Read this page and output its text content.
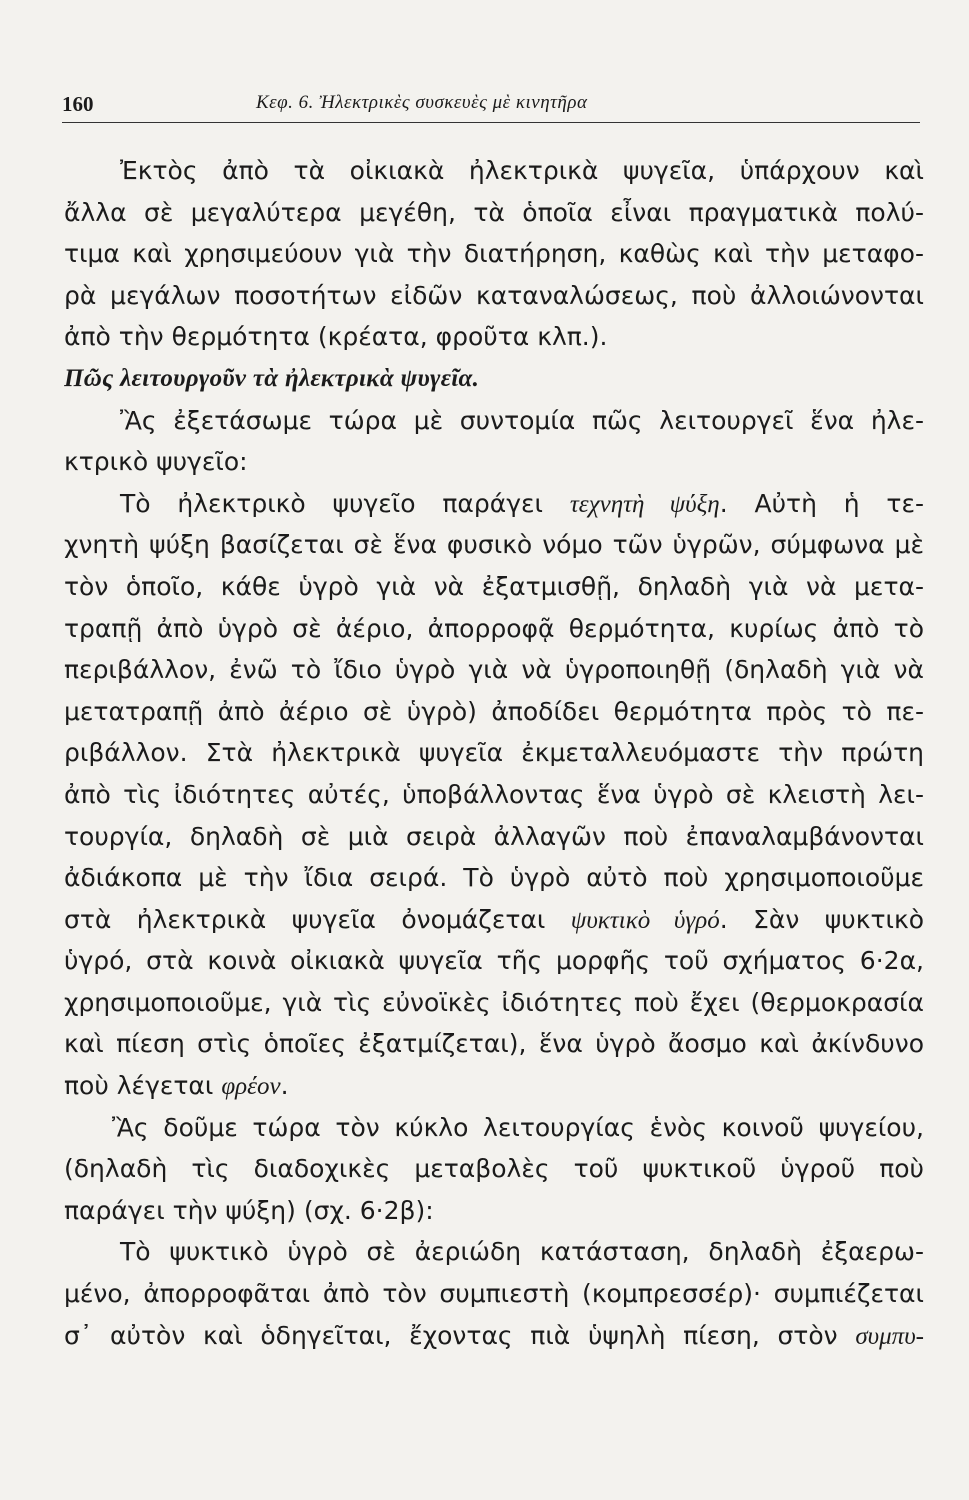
160	Κεφ. 6. Ἠλεκτρικὲς συσκευὲς μὲ κινητῆρα
Ἐκτὸς ἀπὸ τὰ οἰκιακὰ ἠλεκτρικὰ ψυγεῖα, ὑπάρχουν καὶ
ἄλλα σὲ μεγαλύτερα μεγέθη, τὰ ὁποῖα εἶναι πραγματικὰ πολύ-
τιμα καὶ χρησιμεύουν γιὰ τὴν διατήρηση, καθὼς καὶ τὴν μεταφο-
ρὰ μεγάλων ποσοτήτων εἰδῶν καταναλώσεως, ποὺ ἀλλοιώνονται
ἀπὸ τὴν θερμότητα (κρέατα, φροῦτα κλπ.).
Πῶς λειτουργοῦν τὰ ἠλεκτρικὰ ψυγεῖα.
Ἂς ἐξετάσωμε τώρα μὲ συντομία πῶς λειτουργεῖ ἕνα ἠλε-
κτρικὸ ψυγεῖο:
Τὸ ἠλεκτρικὸ ψυγεῖο παράγει τεχνητὴ ψύξη. Αὐτὴ ἡ τε-
χνητὴ ψύξη βασίζεται σὲ ἕνα φυσικὸ νόμο τῶν ὑγρῶν, σύμφωνα μὲ
τὸν ὁποῖο, κάθε ὑγρὸ γιὰ νὰ ἐξατμισθῇ, δηλαδὴ γιὰ νὰ μετα-
τραπῇ ἀπὸ ὑγρὸ σὲ ἀέριο, ἀπορροφᾷ θερμότητα, κυρίως ἀπὸ τὸ
περιβάλλον, ἐνῶ τὸ ἴδιο ὑγρὸ γιὰ νὰ ὑγροποιηθῇ (δηλαδὴ γιὰ νὰ
μετατραπῇ ἀπὸ ἀέριο σὲ ὑγρὸ) ἀποδίδει θερμότητα πρὸς τὸ πε-
ριβάλλον. Στὰ ἠλεκτρικὰ ψυγεῖα ἐκμεταλλευόμαστε τὴν πρώτη
ἀπὸ τὶς ἰδιότητες αὐτές, ὑποβάλλοντας ἕνα ὑγρὸ σὲ κλειστὴ λει-
τουργία, δηλαδὴ σὲ μιὰ σειρὰ ἀλλαγῶν ποὺ ἐπαναλαμβάνονται
ἀδιάκοπα μὲ τὴν ἴδια σειρά. Τὸ ὑγρὸ αὐτὸ ποὺ χρησιμοποιοῦμε
στὰ ἠλεκτρικὰ ψυγεῖα ὀνομάζεται ψυκτικὸ ὑγρό. Σὰν ψυκτικὸ
ὑγρό, στὰ κοινὰ οἰκιακὰ ψυγεῖα τῆς μορφῆς τοῦ σχήματος 6·2α,
χρησιμοποιοῦμε, γιὰ τὶς εὐνοϊκὲς ἰδιότητες ποὺ ἔχει (θερμοκρασία
καὶ πίεση στὶς ὁποῖες ἐξατμίζεται), ἕνα ὑγρὸ ἄοσμο καὶ ἀκίνδυνο
ποὺ λέγεται φρέον.
Ἂς δοῦμε τώρα τὸν κύκλο λειτουργίας ἑνὸς κοινοῦ ψυγείου,
(δηλαδὴ τὶς διαδοχικὲς μεταβολὲς τοῦ ψυκτικοῦ ὑγροῦ ποὺ
παράγει τὴν ψύξη) (σχ. 6·2β):
Τὸ ψυκτικὸ ὑγρὸ σὲ ἀεριώδη κατάσταση, δηλαδὴ ἐξαερω-
μένο, ἀπορροφᾶται ἀπὸ τὸν συμπιεστὴ (κομπρεσσέρ)· συμπιέζεται
σ᾽ αὐτὸν καὶ ὁδηγεῖται, ἔχοντας πιὰ ὑψηλὴ πίεση, στὸν συμπυ-
